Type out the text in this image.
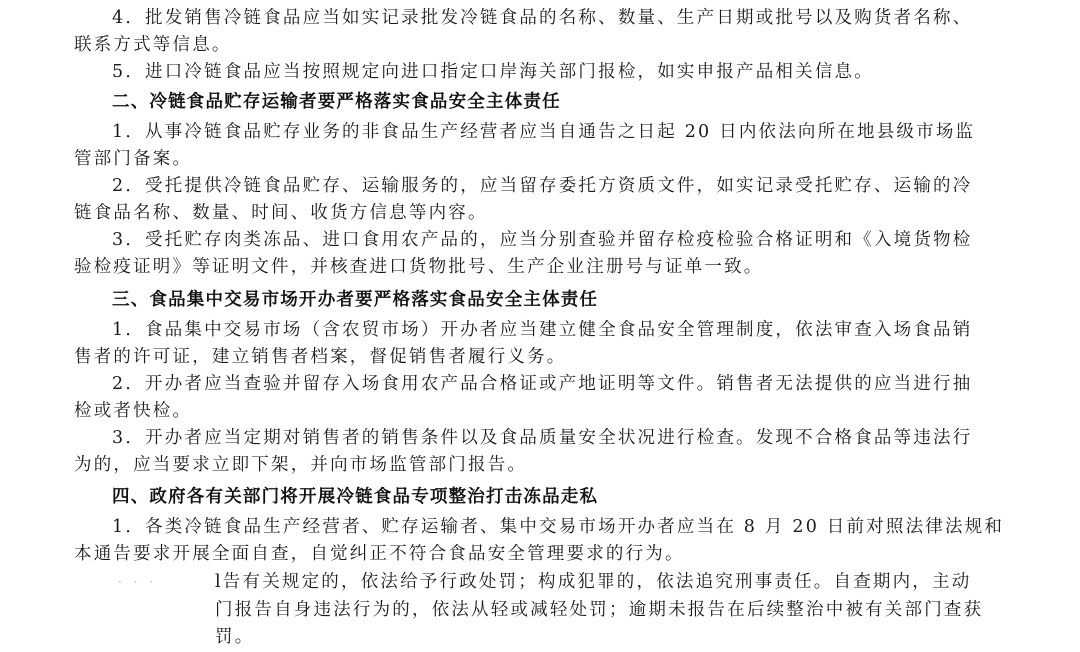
4．批发销售冷链食品应当如实记录批发冷链食品的名称、数量、生产日期或批号以及购货者名称、
联系方式等信息。
5．进口冷链食品应当按照规定向进口指定口岸海关部门报检，如实申报产品相关信息。
二、冷链食品贮存运输者要严格落实食品安全主体责任
1．从事冷链食品贮存业务的非食品生产经营者应当自通告之日起 20 日内依法向所在地县级市场监
管部门备案。
2．受托提供冷链食品贮存、运输服务的，应当留存委托方资质文件，如实记录受托贮存、运输的冷
链食品名称、数量、时间、收货方信息等内容。
3．受托贮存肉类冻品、进口食用农产品的，应当分别查验并留存检疫检验合格证明和《入境货物检
验检疫证明》等证明文件，并核查进口货物批号、生产企业注册号与证单一致。
三、食品集中交易市场开办者要严格落实食品安全主体责任
1．食品集中交易市场（含农贸市场）开办者应当建立健全食品安全管理制度，依法审查入场食品销
售者的许可证，建立销售者档案，督促销售者履行义务。
2．开办者应当查验并留存入场食用农产品合格证或产地证明等文件。销售者无法提供的应当进行抽
检或者快检。
3．开办者应当定期对销售者的销售条件以及食品质量安全状况进行检查。发现不合格食品等违法行
为的，应当要求立即下架，并向市场监管部门报告。
四、政府各有关部门将开展冷链食品专项整治打击冻品走私
1．各类冷链食品生产经营者、贮存运输者、集中交易市场开办者应当在 8 月 20 日前对照法律法规和
本通告要求开展全面自查，自觉纠正不符合食品安全管理要求的行为。
· · ·	l告有关规定的，依法给予行政处罚；构成犯罪的，依法追究刑事责任。自查期内，主动
门报告自身违法行为的，依法从轻或减轻处罚；逾期未报告在后续整治中被有关部门查获
罚。
